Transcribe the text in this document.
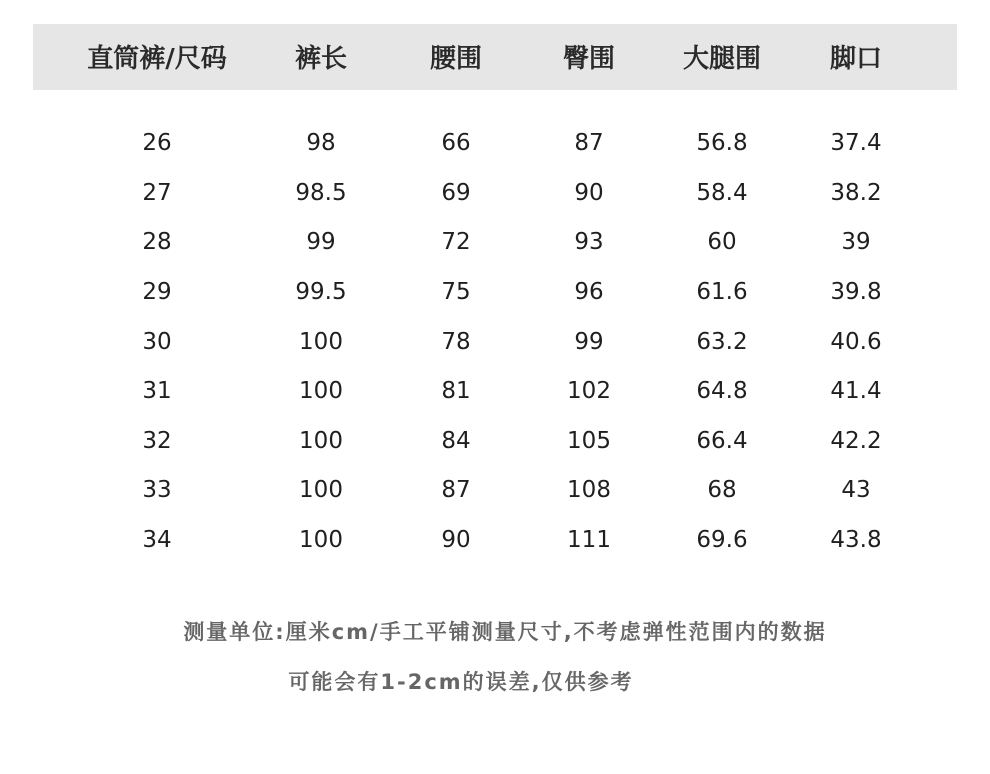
直筒裤/尺码	裤长	腰围	臀围	大腿围	脚口
26	98	66	87	56.8	37.4
27	98.5	69	90	58.4	38.2
28	99	72	93	60	39
29	99.5	75	96	61.6	39.8
30	100	78	99	63.2	40.6
31	100	81	102	64.8	41.4
32	100	84	105	66.4	42.2
33	100	87	108	68	43
34	100	90	111	69.6	43.8
测量单位:厘米cm/手工平铺测量尺寸,不考虑弹性范围内的数据
可能会有1-2cm的误差,仅供参考
